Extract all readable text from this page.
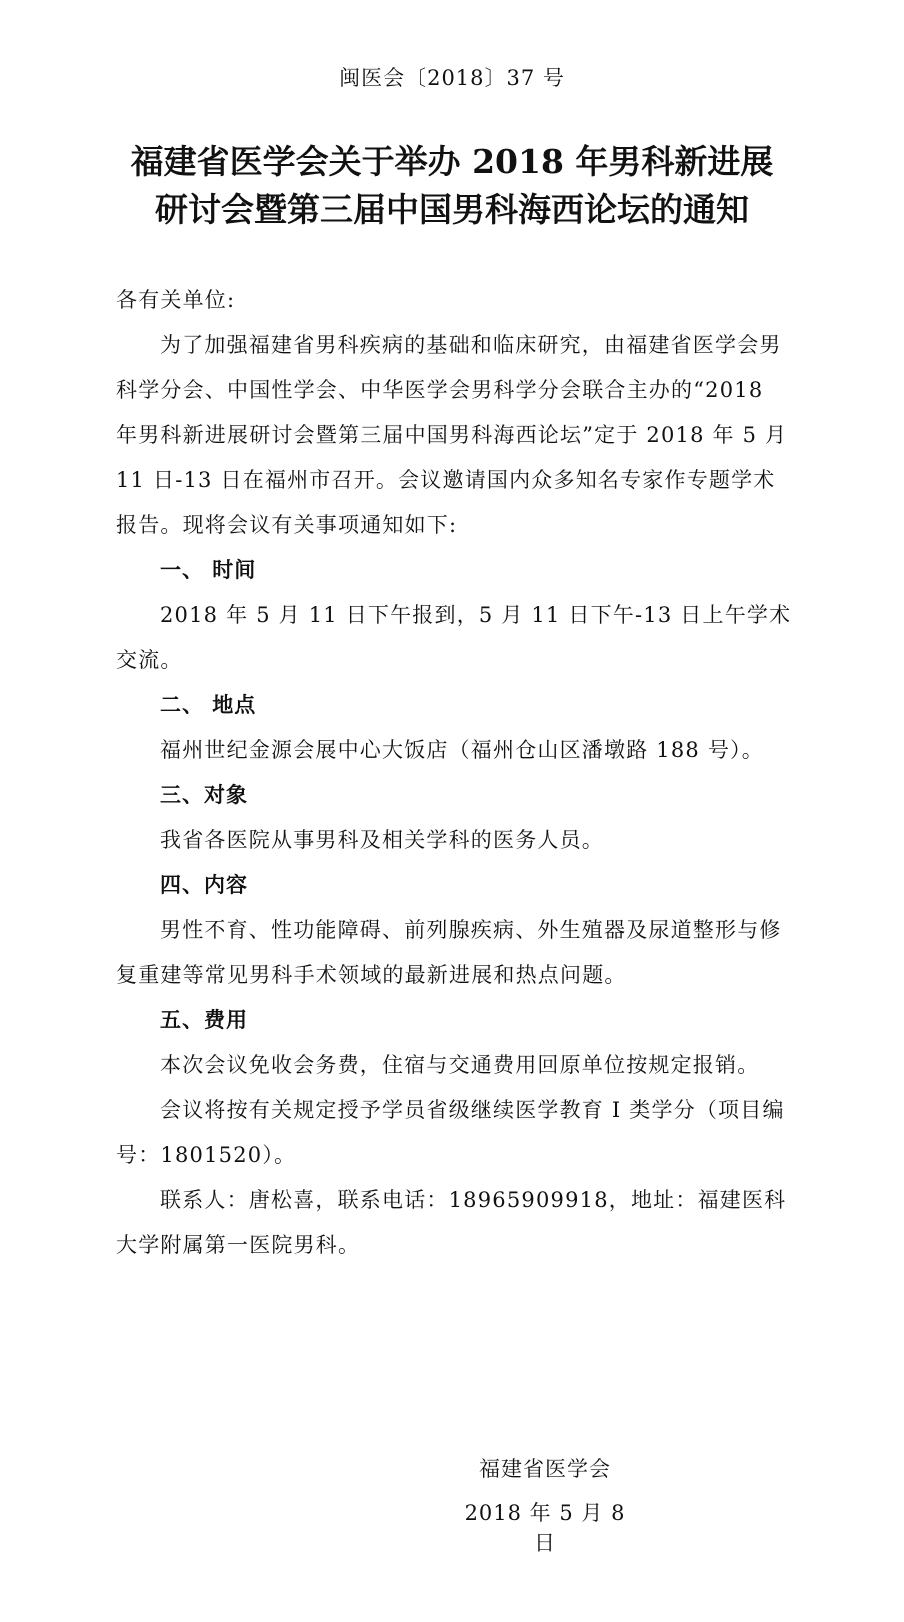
闽医会〔2018〕37 号
福建省医学会关于举办 2018 年男科新进展
研讨会暨第三届中国男科海西论坛的通知

各有关单位:

为了加强福建省男科疾病的基础和临床研究，由福建省医学会男科学分会、中国性学会、中华医学会男科学分会联合主办的“2018 年男科新进展研讨会暨第三届中国男科海西论坛”定于 2018 年 5 月 11 日-13 日在福州市召开。会议邀请国内众多知名专家作专题学术报告。现将会议有关事项通知如下:

一、 时间

2018 年 5 月 11 日下午报到，5 月 11 日下午-13 日上午学术交流。

二、 地点

福州世纪金源会展中心大饭店（福州仓山区潘墩路 188 号）。

三、对象

我省各医院从事男科及相关学科的医务人员。

四、内容

男性不育、性功能障碍、前列腺疾病、外生殖器及尿道整形与修复重建等常见男科手术领域的最新进展和热点问题。

五、费用

本次会议免收会务费，住宿与交通费用回原单位按规定报销。

会议将按有关规定授予学员省级继续医学教育 I 类学分（项目编号：1801520）。

联系人：唐松喜，联系电话：18965909918，地址：福建医科大学附属第一医院男科。

福建省医学会
2018 年 5 月 8 日
